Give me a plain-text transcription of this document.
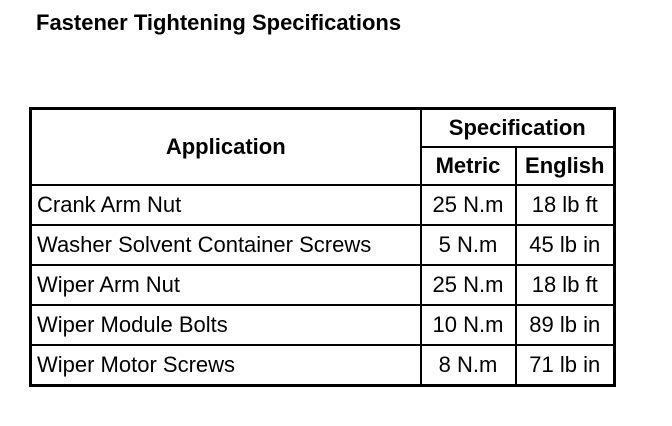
Fastener Tightening Specifications
Application	Specification	
	Metric	English
Crank Arm Nut	25 N.m	18 lb ft
Washer Solvent Container Screws	5 N.m	45 lb in
Wiper Arm Nut	25 N.m	18 lb ft
Wiper Module Bolts	10 N.m	89 lb in
Wiper Motor Screws	8 N.m	71 lb in
